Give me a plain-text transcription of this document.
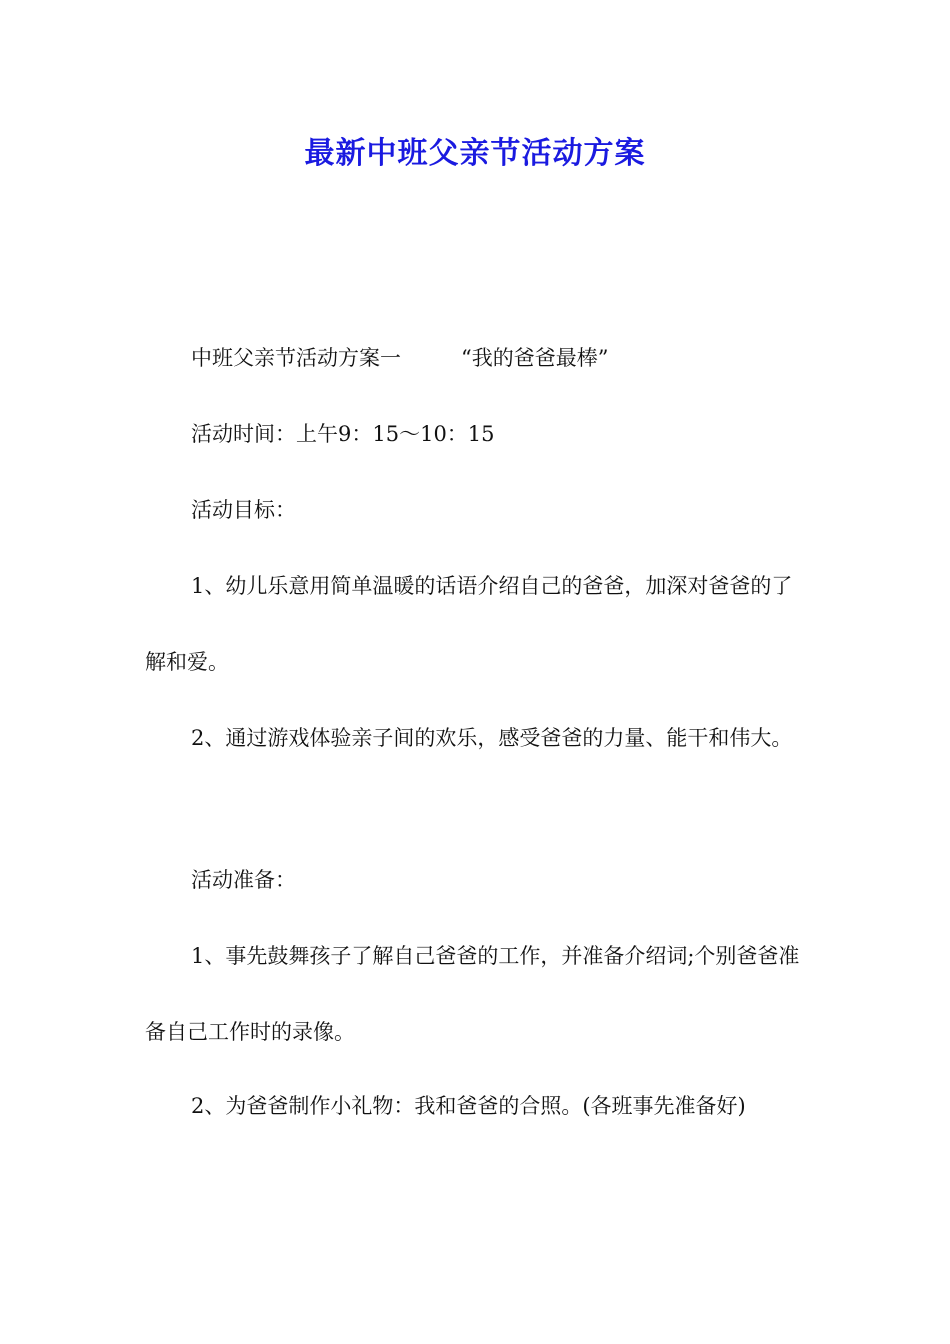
最新中班父亲节活动方案
中班父亲节活动方案一	“我的爸爸最棒”
活动时间：上午9：15～10：15
活动目标：
1、幼儿乐意用简单温暖的话语介绍自己的爸爸，加深对爸爸的了解和爱。
2、通过游戏体验亲子间的欢乐，感受爸爸的力量、能干和伟大。
活动准备：
1、事先鼓舞孩子了解自己爸爸的工作，并准备介绍词;个别爸爸准备自己工作时的录像。
2、为爸爸制作小礼物：我和爸爸的合照。(各班事先准备好)
